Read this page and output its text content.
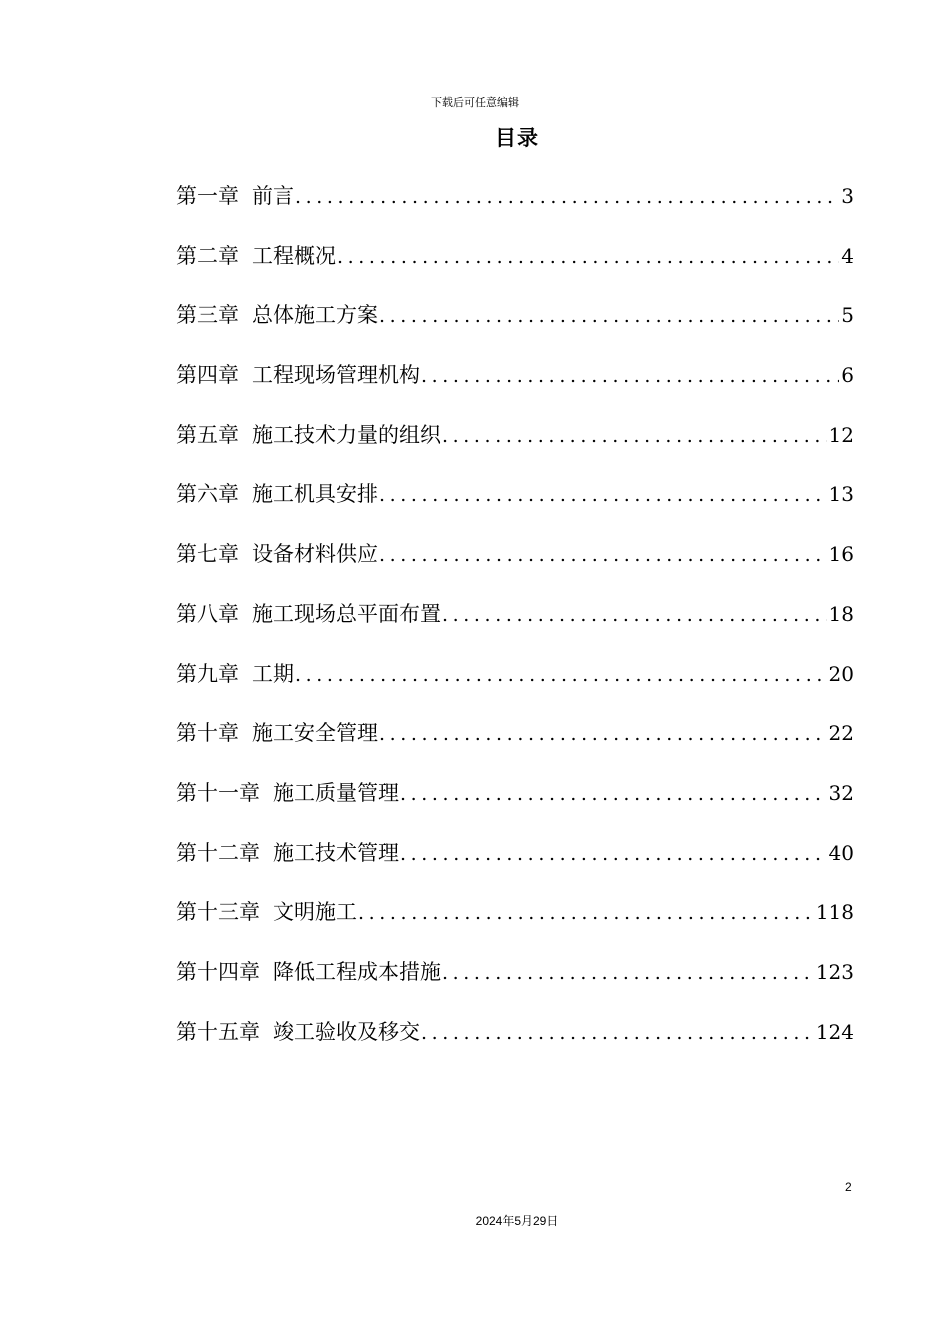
下载后可任意编辑
目录
第一章 前言 .....	3
第二章 工程概况 .....	4
第三章 总体施工方案 .....	5
第四章 工程现场管理机构 .....	6
第五章 施工技术力量的组织 .....	12
第六章 施工机具安排 .....	13
第七章 设备材料供应 .....	16
第八章 施工现场总平面布置 .....	18
第九章 工期 .....	20
第十章 施工安全管理 .....	22
第十一章 施工质量管理 .....	32
第十二章 施工技术管理 .....	40
第十三章 文明施工 .....	118
第十四章 降低工程成本措施 .....	123
第十五章 竣工验收及移交 .....	124
2
2024年5月29日
